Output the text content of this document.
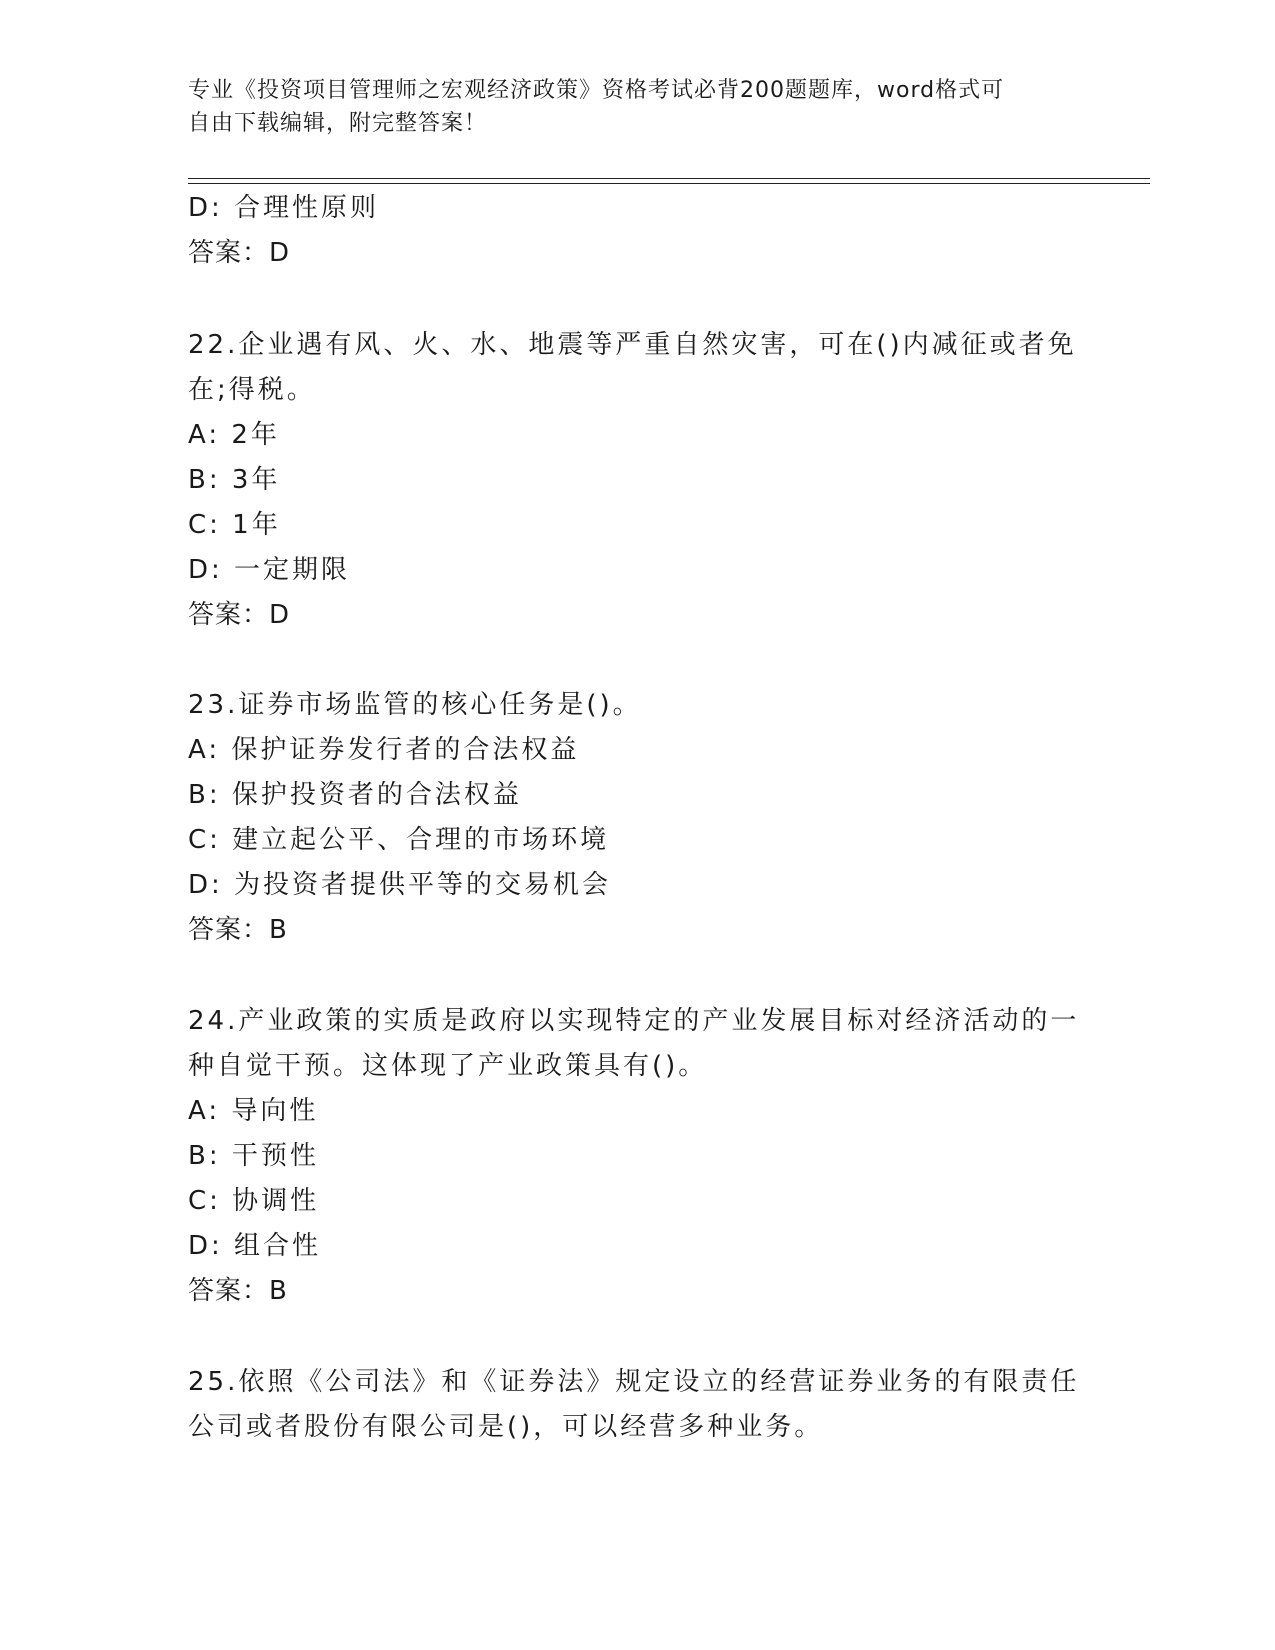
专业《投资项目管理师之宏观经济政策》资格考试必背200题题库，word格式可
自由下载编辑，附完整答案！
D: 合理性原则
答案：D
22.企业遇有风、火、水、地震等严重自然灾害，可在()内减征或者免
在;得税。
A: 2年
B: 3年
C: 1年
D: 一定期限
答案：D
23.证券市场监管的核心任务是()。
A: 保护证券发行者的合法权益
B: 保护投资者的合法权益
C: 建立起公平、合理的市场环境
D: 为投资者提供平等的交易机会
答案：B
24.产业政策的实质是政府以实现特定的产业发展目标对经济活动的一
种自觉干预。这体现了产业政策具有()。
A: 导向性
B: 干预性
C: 协调性
D: 组合性
答案：B
25.依照《公司法》和《证券法》规定设立的经营证券业务的有限责任
公司或者股份有限公司是()，可以经营多种业务。
